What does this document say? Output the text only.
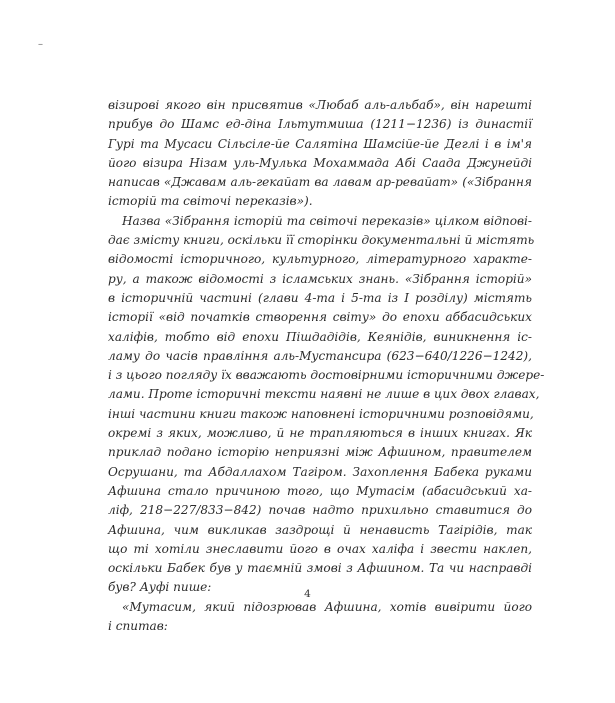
–
візирові якого він присвятив «Любаб аль-альбаб», він нарешті
прибув до Шамс ед-діна Ільтутмиша (1211−1236) із династії
Гурі та Мусаси Сільсіле-йе Салятіна Шамсійе-йе Деглі і в ім'я
його візира Нізам уль-Мулька Мохаммада Абі Саада Джунейді
написав «Джавам аль-гекайат ва лавам ар-ревайат» («Зібрання
історій та світочі переказів»).
Назва «Зібрання історій та світочі переказів» цілком відпові-
дає змісту книги, оскільки її сторінки документальні й містять
відомості історичного, культурного, літературного характе-
ру, а також відомості з ісламських знань. «Зібрання історій»
в історичній частині (глави 4-та і 5-та із I розділу) містять
історії «від початків створення світу» до епохи аббасидських
халіфів, тобто від епохи Пішдадідів, Кеянідів, виникнення іс-
ламу до часів правління аль-Мустансира (623−640/1226−1242),
і з цього погляду їх вважають достовірними історичними джере-
лами. Проте історичні тексти наявні не лише в цих двох главах,
інші частини книги також наповнені історичними розповідями,
окремі з яких, можливо, й не трапляються в інших книгах. Як
приклад подано історію неприязні між Афшином, правителем
Осрушани, та Абдаллахом Тагіром. Захоплення Бабека руками
Афшина стало причиною того, що Мутасім (абасидський ха-
ліф, 218−227/833−842) почав надто прихильно ставитися до
Афшина, чим викликав заздрощі й ненависть Тагірідів, так
що ті хотіли знеславити його в очах халіфа і звести наклеп,
оскільки Бабек був у таємній змові з Афшином. Та чи насправді
був? Ауфі пише:
«Мутасим, який підозрював Афшина, хотів вивірити його
і спитав:
4
